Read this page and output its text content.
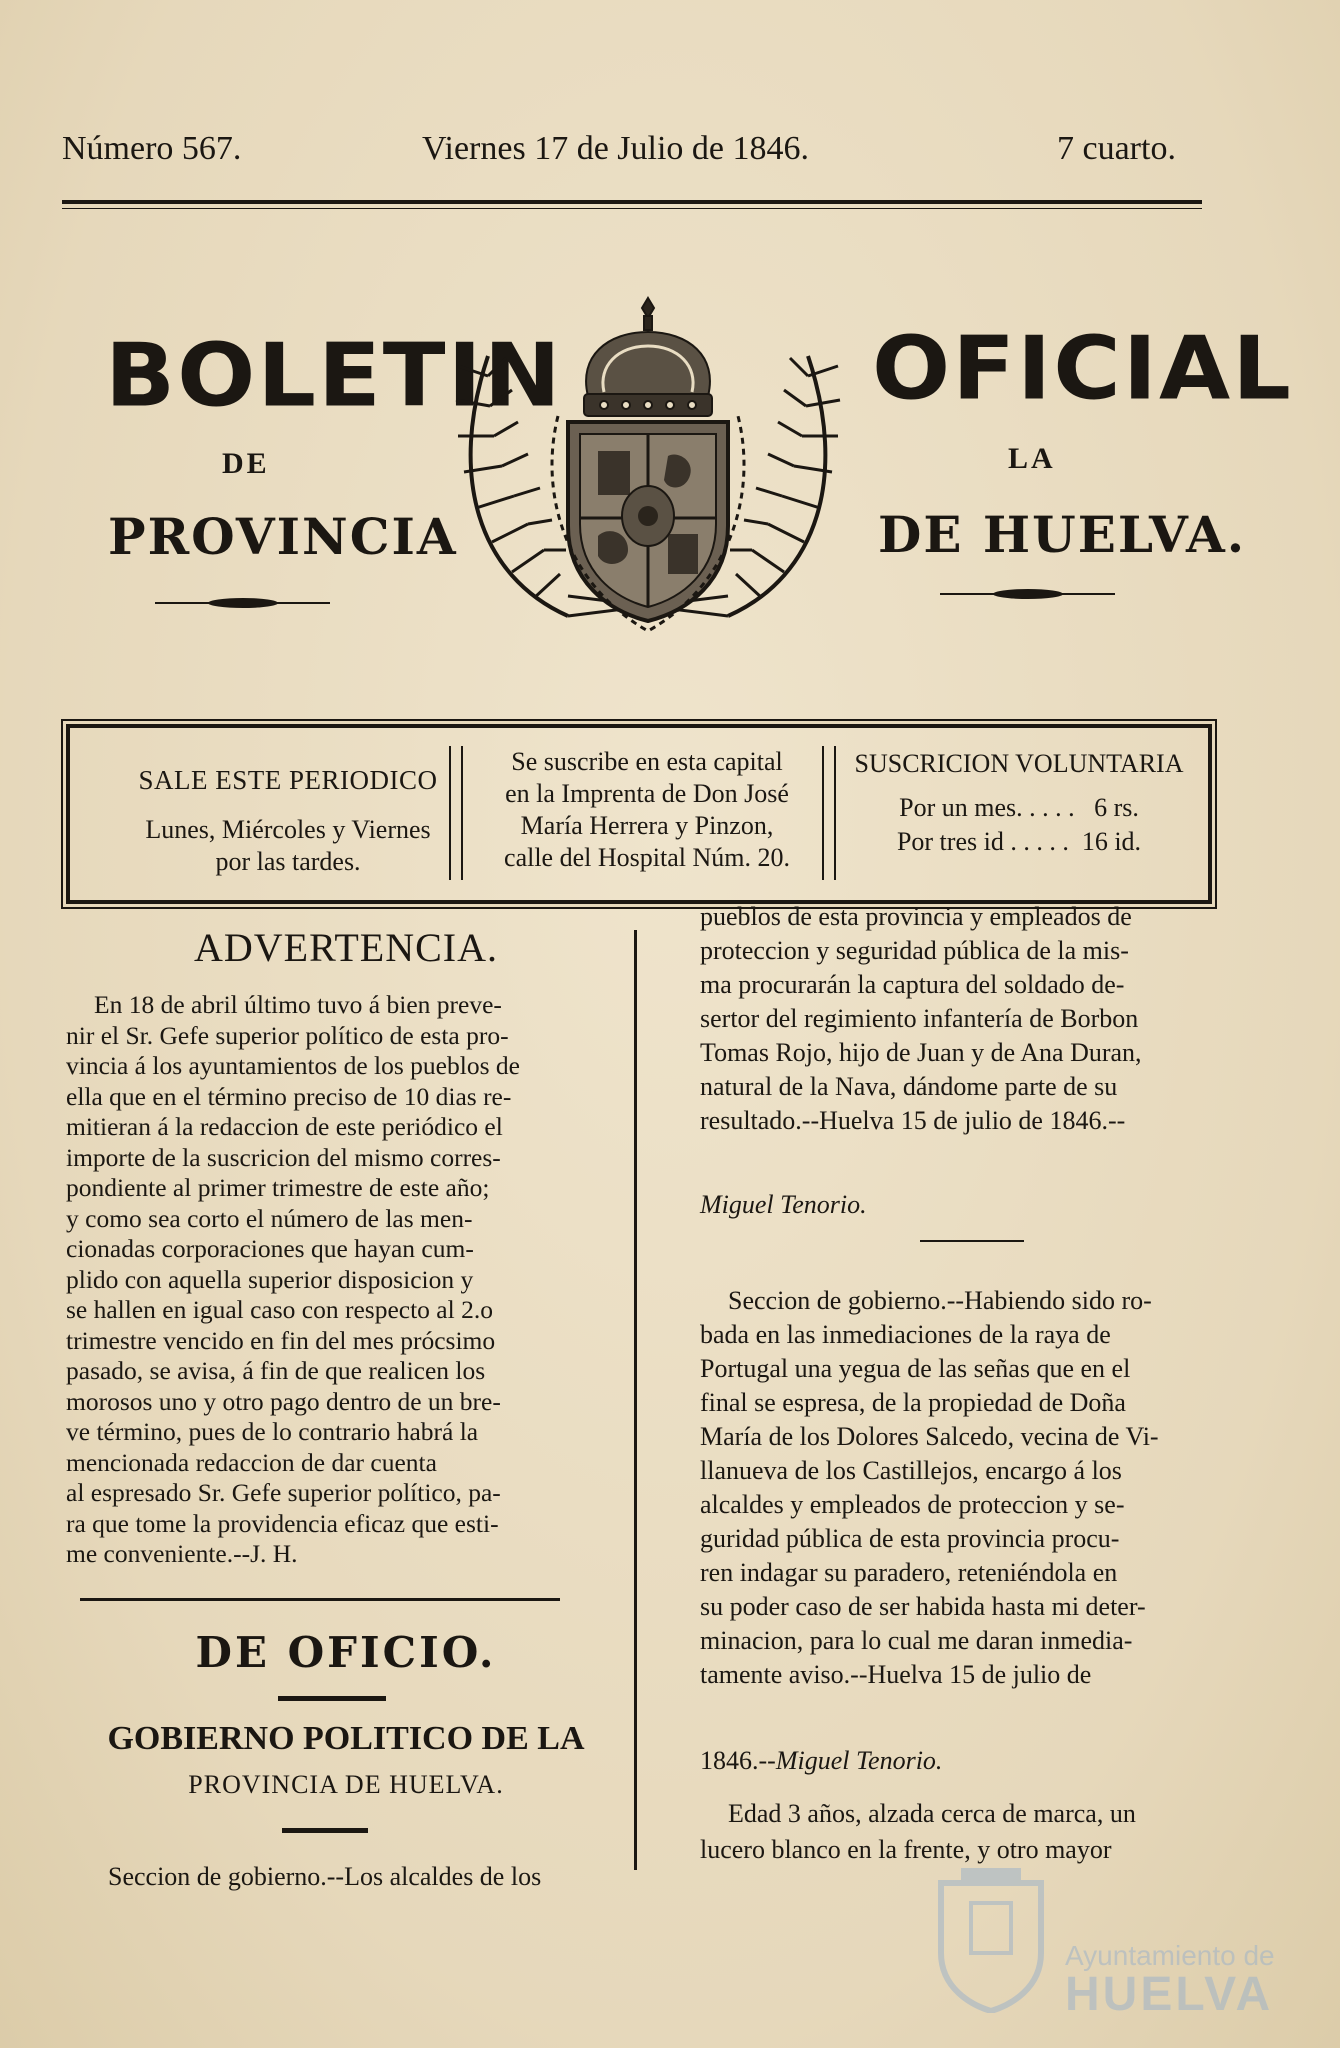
Número 567.	Viernes 17 de Julio de 1846.	7 cuarto.
BOLETIN	OFICIAL
DE	LA
PROVINCIA	DE HUELVA.
SALE ESTE PERIODICO
Lunes, Miércoles y Viernes
por las tardes.
Se suscribe en esta capital
en la Imprenta de Don José
María Herrera y Pinzon,
calle del Hospital Núm. 20.
SUSCRICION VOLUNTARIA
Por un mes. . . . .   6 rs.
Por tres id . . . . .  16 id.
ADVERTENCIA.
En 18 de abril último tuvo á bien preve-
nir el Sr. Gefe superior político de esta pro-
vincia á los ayuntamientos de los pueblos de
ella que en el término preciso de 10 dias re-
mitieran á la redaccion de este periódico el
importe de la suscricion del mismo corres-
pondiente al primer trimestre de este año;
y como sea corto el número de las men-
cionadas corporaciones que hayan cum-
plido con aquella superior disposicion y
se hallen en igual caso con respecto al 2.o
trimestre vencido en fin del mes prócsimo
pasado, se avisa, á fin de que realicen los
morosos uno y otro pago dentro de un bre-
ve término, pues de lo contrario habrá la
mencionada redaccion de dar cuenta
al espresado Sr. Gefe superior político, pa-
ra que tome la providencia eficaz que esti-
me conveniente.--J. H.
DE OFICIO.
GOBIERNO POLITICO DE LA
PROVINCIA DE HUELVA.
Seccion de gobierno.--Los alcaldes de los
pueblos de esta provincia y empleados de
proteccion y seguridad pública de la mis-
ma procurarán la captura del soldado de-
sertor del regimiento infantería de Borbon
Tomas Rojo, hijo de Juan y de Ana Duran,
natural de la Nava, dándome parte de su
resultado.--Huelva 15 de julio de 1846.--
Miguel Tenorio.
Seccion de gobierno.--Habiendo sido ro-
bada en las inmediaciones de la raya de
Portugal una yegua de las señas que en el
final se espresa, de la propiedad de Doña
María de los Dolores Salcedo, vecina de Vi-
llanueva de los Castillejos, encargo á los
alcaldes y empleados de proteccion y se-
guridad pública de esta provincia procu-
ren indagar su paradero, reteniéndola en
su poder caso de ser habida hasta mi deter-
minacion, para lo cual me daran inmedia-
tamente aviso.--Huelva 15 de julio de
1846.--Miguel Tenorio.
Edad 3 años, alzada cerca de marca, un
lucero blanco en la frente, y otro mayor
Ayuntamiento de
HUELVA
